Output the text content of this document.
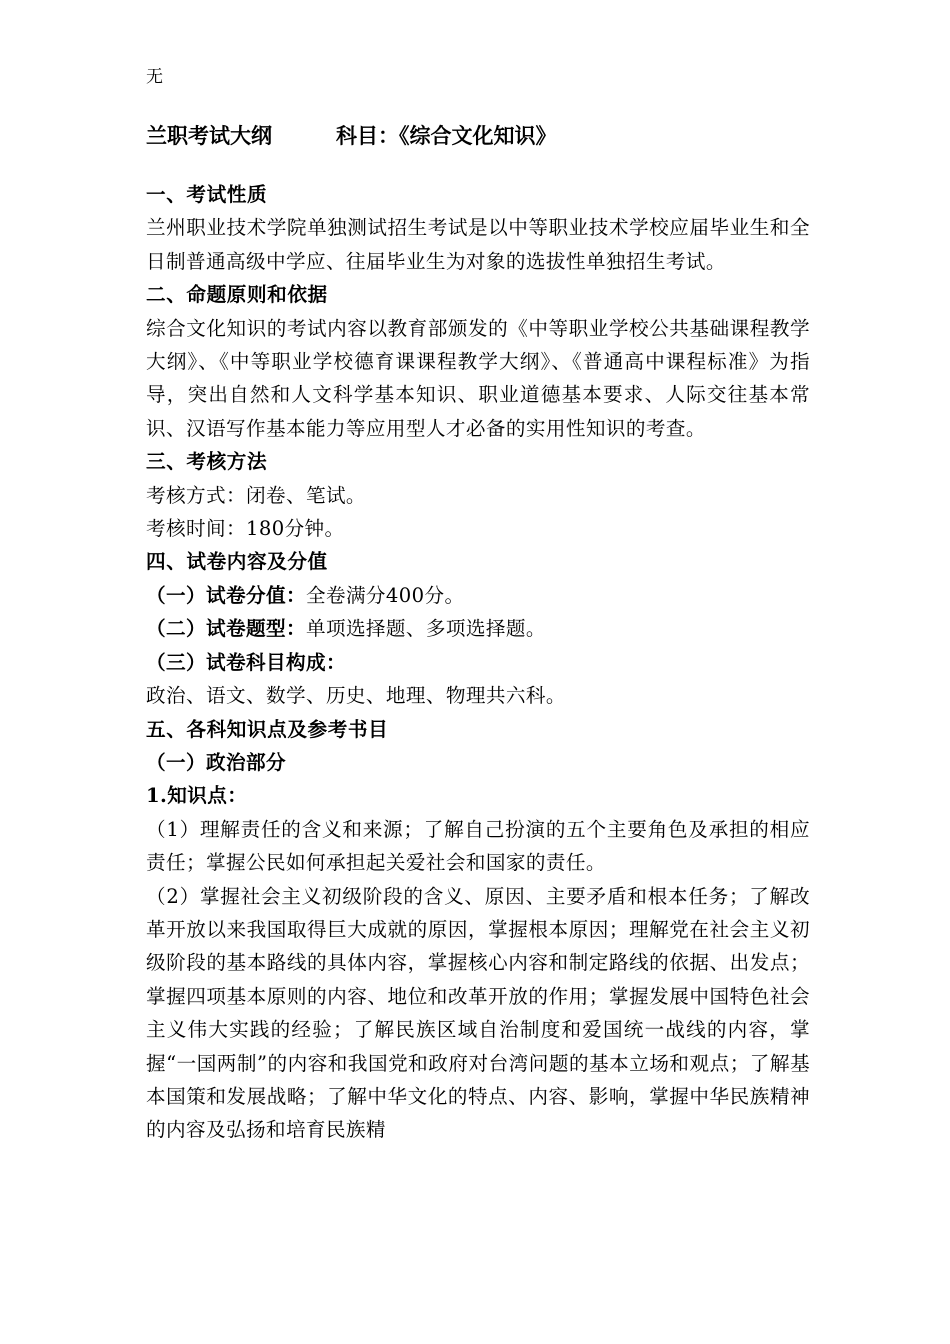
无
兰职考试大纲	科目：《综合文化知识》

一、考试性质

兰州职业技术学院单独测试招生考试是以中等职业技术学校应届毕业生和全日制普通高级中学应、往届毕业生为对象的选拔性单独招生考试。

二、命题原则和依据

综合文化知识的考试内容以教育部颁发的《中等职业学校公共基础课程教学大纲》、《中等职业学校德育课课程教学大纲》、《普通高中课程标准》为指导，突出自然和人文科学基本知识、职业道德基本要求、人际交往基本常识、汉语写作基本能力等应用型人才必备的实用性知识的考查。

三、考核方法

考核方式：闭卷、笔试。

考核时间：180分钟。

四、试卷内容及分值

（一）试卷分值：全卷满分400分。

（二）试卷题型：单项选择题、多项选择题。

（三）试卷科目构成：

政治、语文、数学、历史、地理、物理共六科。

五、各科知识点及参考书目

（一）政治部分

1.知识点：

（1）理解责任的含义和来源；了解自己扮演的五个主要角色及承担的相应责任；掌握公民如何承担起关爱社会和国家的责任。

（2）掌握社会主义初级阶段的含义、原因、主要矛盾和根本任务；了解改革开放以来我国取得巨大成就的原因，掌握根本原因；理解党在社会主义初级阶段的基本路线的具体内容，掌握核心内容和制定路线的依据、出发点；掌握四项基本原则的内容、地位和改革开放的作用；掌握发展中国特色社会主义伟大实践的经验；了解民族区域自治制度和爱国统一战线的内容，掌握“一国两制”的内容和我国党和政府对台湾问题的基本立场和观点；了解基本国策和发展战略；了解中华文化的特点、内容、影响，掌握中华民族精神的内容及弘扬和培育民族精
